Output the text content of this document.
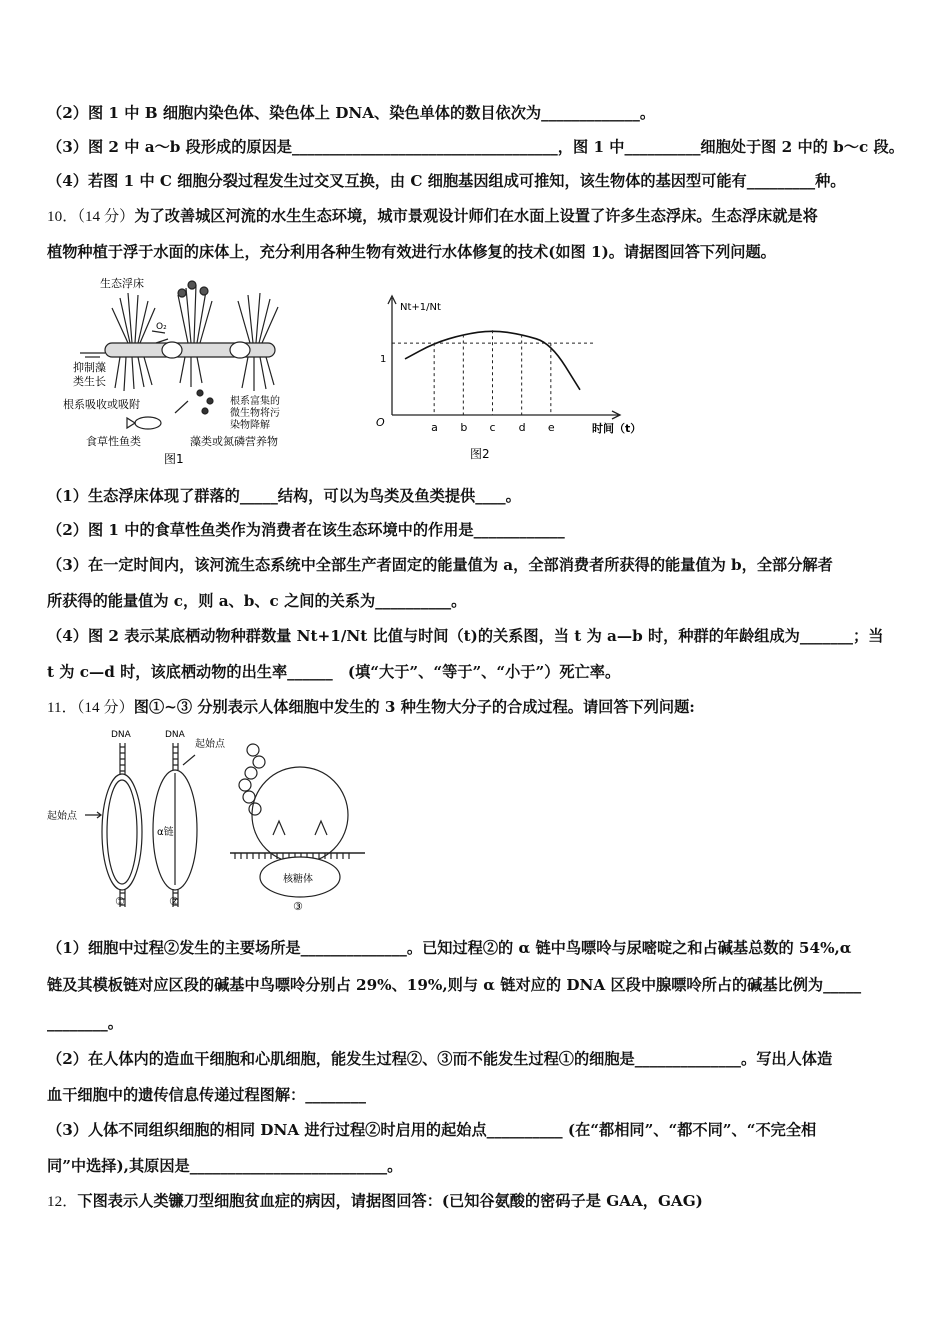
（2）图 1 中 B 细胞内染色体、染色体上 DNA、染色单体的数目依次为_____________。
（3）图 2 中 a～b 段形成的原因是___________________________________，图 1 中__________细胞处于图 2 中的 b～c 段。
（4）若图 1 中 C 细胞分裂过程发生过交叉互换，由 C 细胞基因组成可推知，该生物体的基因型可能有_________种。
10．（14 分）为了改善城区河流的水生生态环境，城市景观设计师们在水面上设置了许多生态浮床。生态浮床就是将
植物种植于浮于水面的床体上，充分利用各种生物有效进行水体修复的技术(如图 1)。请据图回答下列问题。
生态浮床
O₂
抑制藻
类生长
根系吸收或吸附	根系富集的
微生物将污
染物降解
食草性鱼类	藻类或氮磷营养物
图1
a b c d e
Nt+1/Nt
1
O	时间（t）
图2
（1）生态浮床体现了群落的_____结构，可以为鸟类及鱼类提供____。
（2）图 1 中的食草性鱼类作为消费者在该生态环境中的作用是____________
（3）在一定时间内，该河流生态系统中全部生产者固定的能量值为 a，全部消费者所获得的能量值为 b，全部分解者
所获得的能量值为 c，则 a、b、c 之间的关系为__________。
（4）图 2 表示某底栖动物种群数量 Nt+1/Nt 比值与时间（t)的关系图，当 t 为 a—b 时，种群的年龄组成为_______；当
t 为 c—d 时，该底栖动物的出生率______　(填“大于”、“等于”、“小于”）死亡率。
11．（14 分）图①~③ 分别表示人体细胞中发生的 3 种生物大分子的合成过程。请回答下列问题:
DNA	DNA
起始点
起始点
α链
核糖体
①	②	③
（1）细胞中过程②发生的主要场所是______________。已知过程②的 α 链中鸟嘌呤与尿嘧啶之和占碱基总数的 54%,α
链及其模板链对应区段的碱基中鸟嘌呤分别占 29%、19%,则与 α 链对应的 DNA 区段中腺嘌呤所占的碱基比例为_____
________。
（2）在人体内的造血干细胞和心肌细胞，能发生过程②、③而不能发生过程①的细胞是______________。写出人体造
血干细胞中的遗传信息传递过程图解：________
（3）人体不同组织细胞的相同 DNA 进行过程②时启用的起始点__________ (在“都相同”、“都不同”、“不完全相
同”中选择),其原因是__________________________。
12．下图表示人类镰刀型细胞贫血症的病因，请据图回答：(已知谷氨酸的密码子是 GAA，GAG)
